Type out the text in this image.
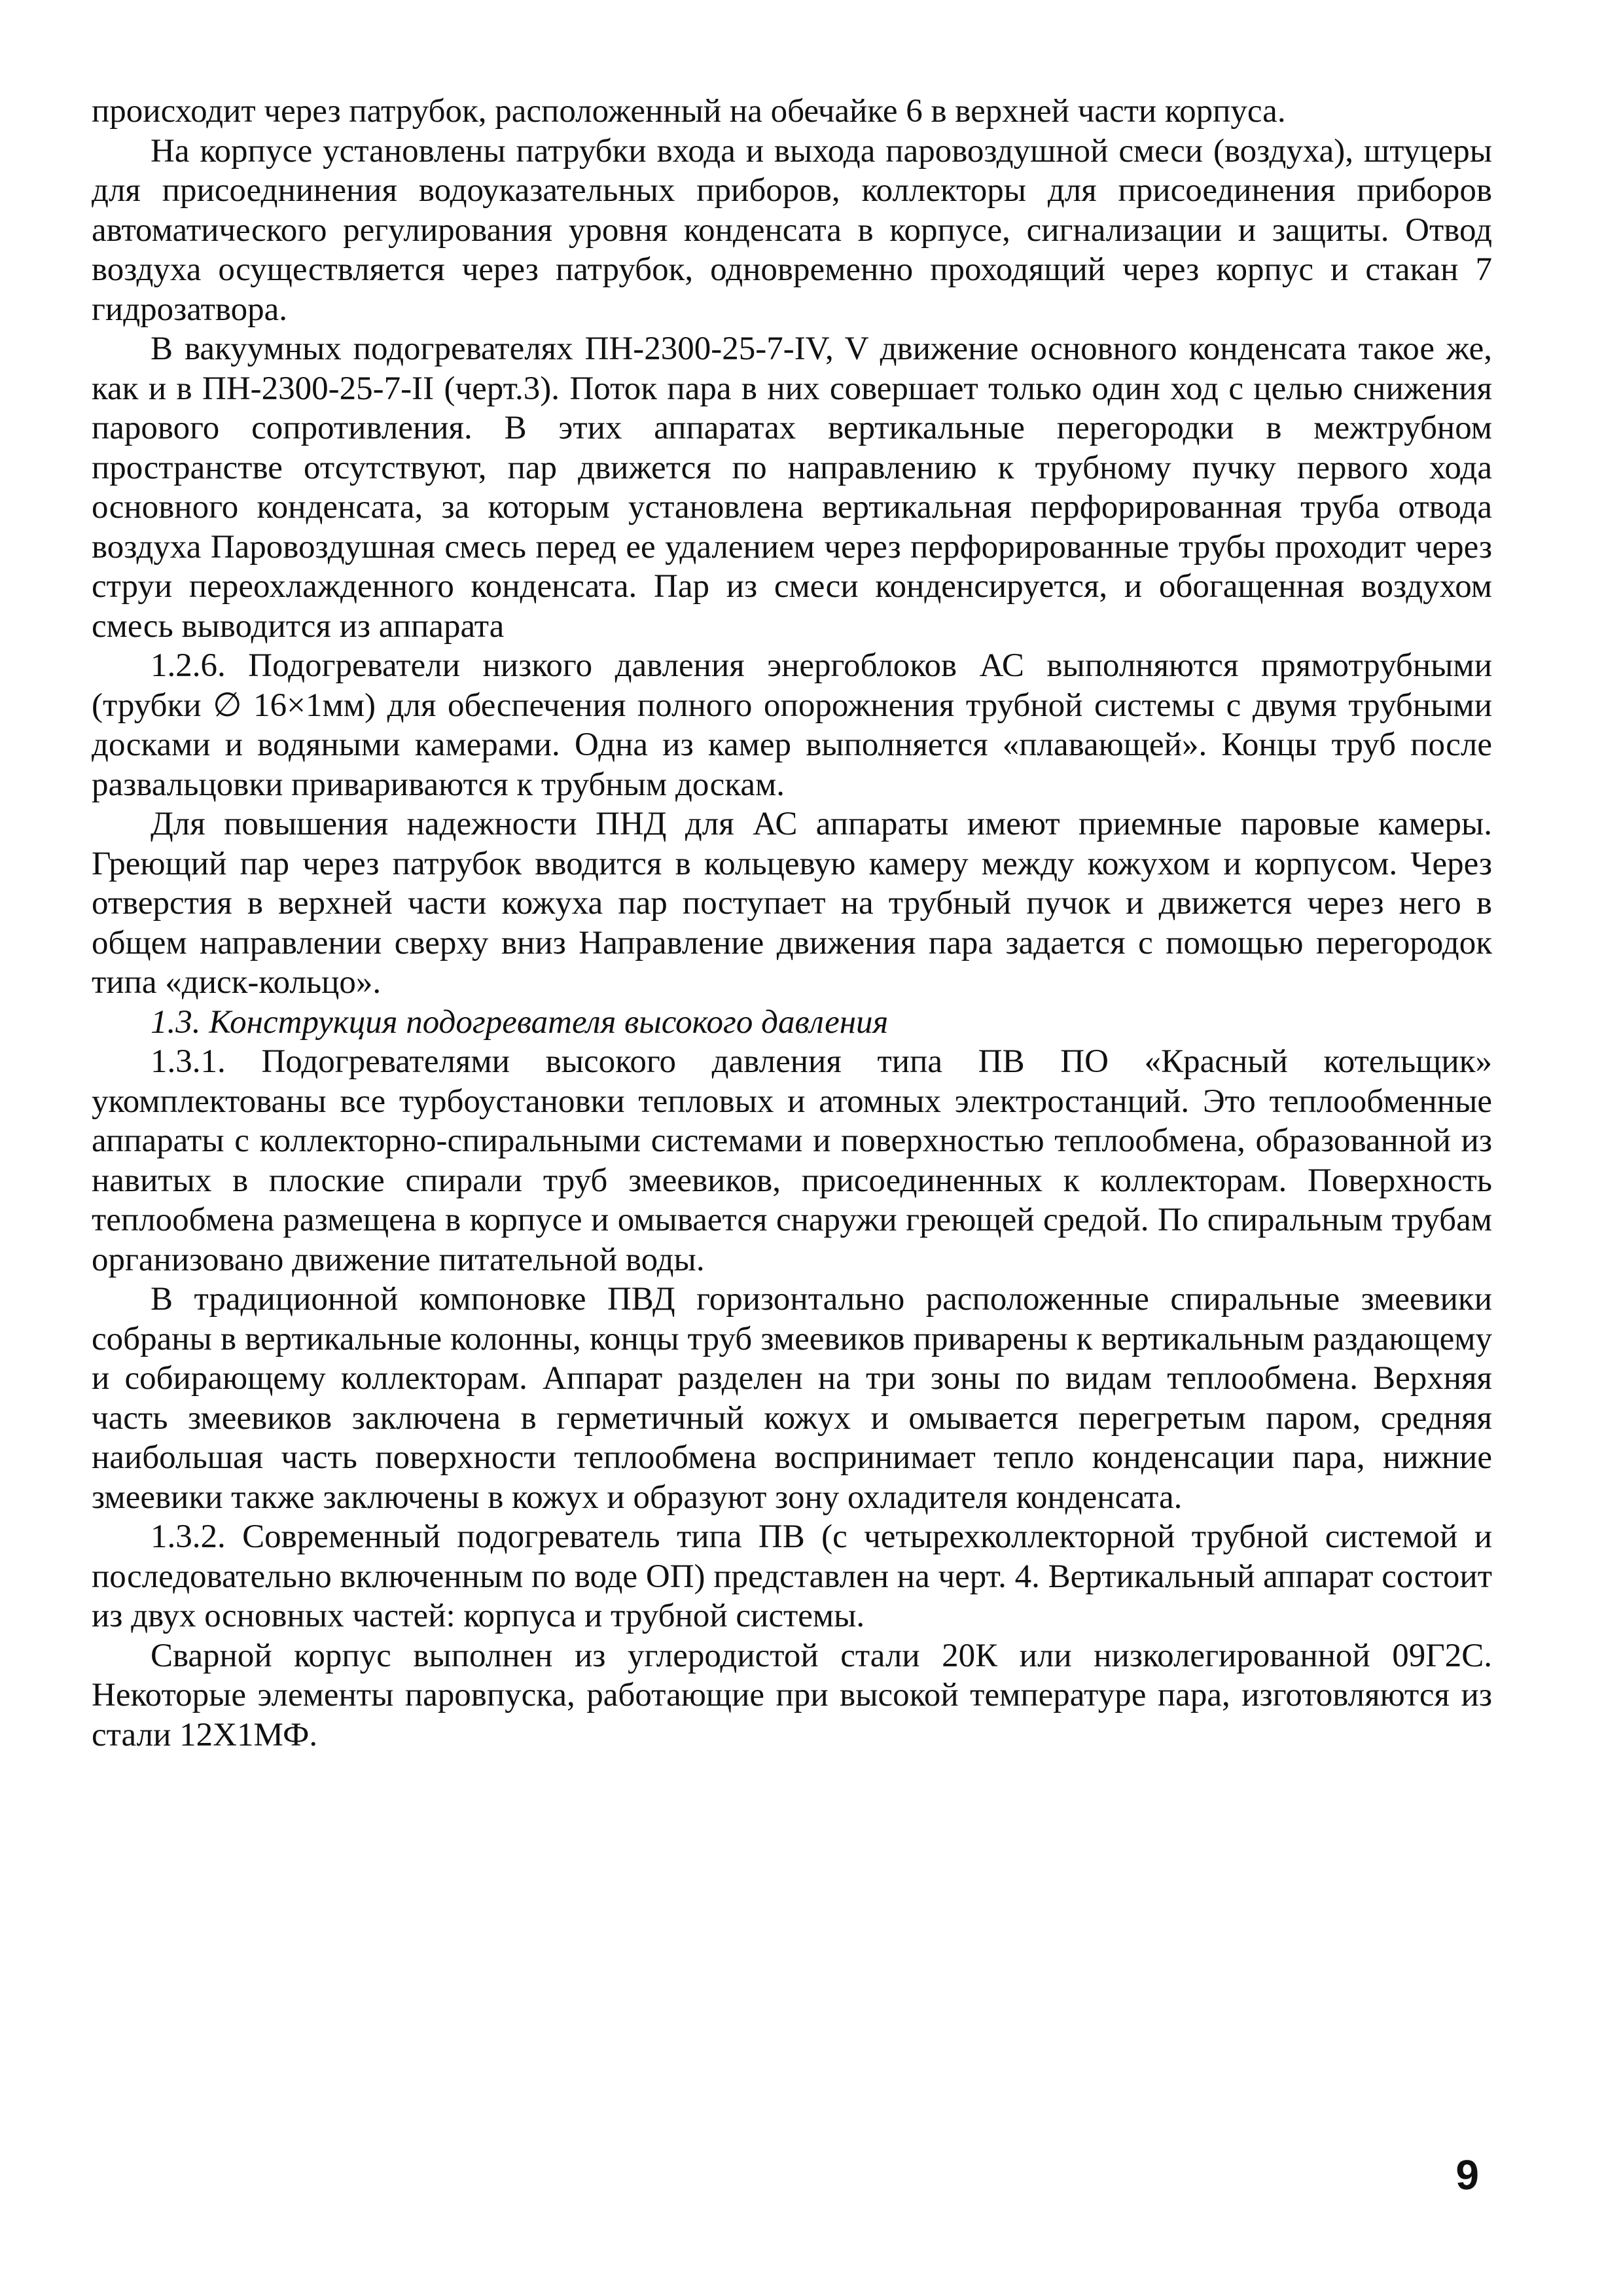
происходит через патрубок, расположенный на обечайке 6 в верхней части корпуса.

На корпусе установлены патрубки входа и выхода паровоздушной смеси (воздуха), штуцеры для присоеднинения водоуказательных приборов, коллекторы для присоединения приборов автоматического регулирования уровня конденсата в корпусе, сигнализации и защиты. Отвод воздуха осуществляется через патрубок, одновременно проходящий через корпус и стакан 7 гидрозатвора.

В вакуумных подогревателях ПН-2300-25-7-IV, V движение основного конденсата такое же, как и в ПН-2300-25-7-II (черт.3). Поток пара в них совершает только один ход с целью снижения парового сопротивления. В этих аппаратах вертикальные перегородки в межтрубном пространстве отсутствуют, пар движется по направлению к трубному пучку первого хода основного конденсата, за которым установлена вертикальная перфорированная труба отвода воздуха Паровоздушная смесь перед ее удалением через перфорированные трубы проходит через струи переохлажденного конденсата. Пар из смеси конденсируется, и обогащенная воздухом смесь выводится из аппарата

1.2.6. Подогреватели низкого давления энергоблоков АС выполняются прямотрубными (трубки ∅ 16×1мм) для обеспечения полного опорожнения трубной системы с двумя трубными досками и водяными камерами. Одна из камер выполняется «плавающей». Концы труб после развальцовки привариваются к трубным доскам.

Для повышения надежности ПНД для АС аппараты имеют приемные паровые камеры. Греющий пар через патрубок вводится в кольцевую камеру между кожухом и корпусом. Через отверстия в верхней части кожуха пар поступает на трубный пучок и движется через него в общем направлении сверху вниз Направление движения пара задается с помощью перегородок типа «диск-кольцо».

1.3. Конструкция подогревателя высокого давления

1.3.1. Подогревателями высокого давления типа ПВ ПО «Красный котельщик» укомплектованы все турбоустановки тепловых и атомных электростанций. Это теплообменные аппараты с коллекторно-спиральными системами и поверхностью теплообмена, образованной из навитых в плоские спирали труб змеевиков, присоединенных к коллекторам. Поверхность теплообмена размещена в корпусе и омывается снаружи греющей средой. По спиральным трубам организовано движение питательной воды.

В традиционной компоновке ПВД горизонтально расположенные спиральные змеевики собраны в вертикальные колонны, концы труб змеевиков приварены к вертикальным раздающему и собирающему коллекторам. Аппарат разделен на три зоны по видам теплообмена. Верхняя часть змеевиков заключена в герметичный кожух и омывается перегретым паром, средняя наибольшая часть поверхности теплообмена воспринимает тепло конденсации пара, нижние змеевики также заключены в кожух и образуют зону охладителя конденсата.

1.3.2. Современный подогреватель типа ПВ (с четырехколлекторной трубной системой и последовательно включенным по воде ОП) представлен на черт. 4. Вертикальный аппарат состоит из двух основных частей: корпуса и трубной системы.

Сварной корпус выполнен из углеродистой стали 20К или низколегированной 09Г2С. Некоторые элементы паровпуска, работающие при высокой температуре пара, изготовляются из стали 12Х1МФ.

9
